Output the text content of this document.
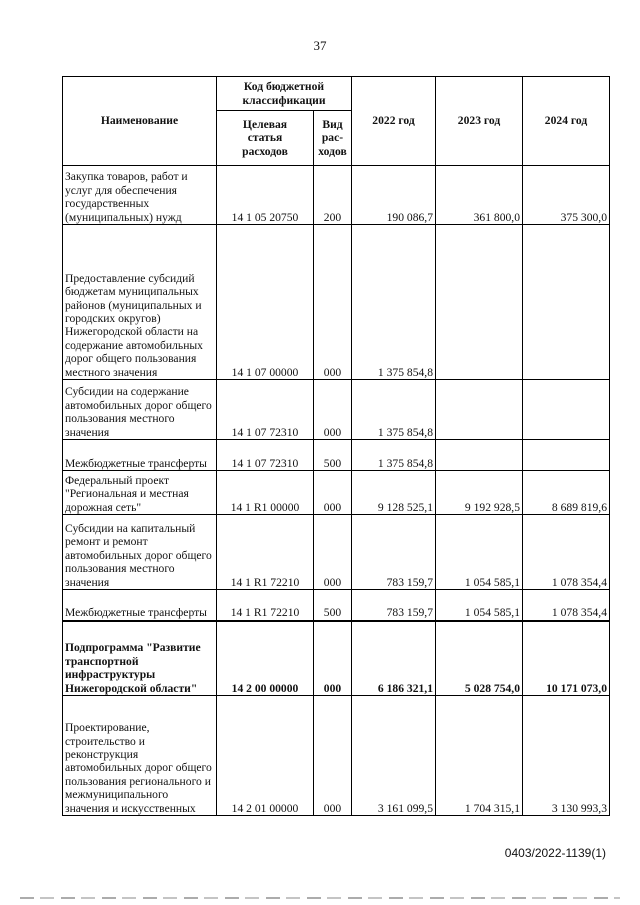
37
Наименование	Код бюджетной классификации		2022 год	2023 год	2024 год
	Целевая статья расходов	Вид рас- ходов			
Закупка товаров, работ и услуг для обеспечения государственных (муниципальных) нужд	14 1 05 20750	200	190 086,7	361 800,0	375 300,0
Предоставление субсидий бюджетам муниципальных районов (муниципальных и городских округов) Нижегородской области на содержание автомобильных дорог общего пользования местного значения	14 1 07 00000	000	1 375 854,8		
Субсидии на содержание автомобильных дорог общего пользования местного значения	14 1 07 72310	000	1 375 854,8		
Межбюджетные трансферты	14 1 07 72310	500	1 375 854,8		
Федеральный проект "Региональная и местная дорожная сеть"	14 1 R1 00000	000	9 128 525,1	9 192 928,5	8 689 819,6
Субсидии на капитальный ремонт и ремонт автомобильных дорог общего пользования местного значения	14 1 R1 72210	000	783 159,7	1 054 585,1	1 078 354,4
Межбюджетные трансферты	14 1 R1 72210	500	783 159,7	1 054 585,1	1 078 354,4
Подпрограмма "Развитие транспортной инфраструктуры Нижегородской области"	14 2 00 00000	000	6 186 321,1	5 028 754,0	10 171 073,0
Проектирование, строительство и реконструкция автомобильных дорог общего пользования регионального и межмуниципального значения и искусственных	14 2 01 00000	000	3 161 099,5	1 704 315,1	3 130 993,3
0403/2022-1139(1)
